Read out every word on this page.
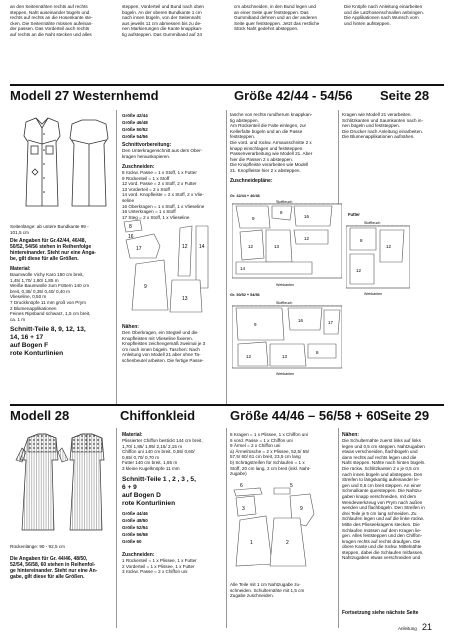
an den Seitennähten rechts auf rechts
steppen, Naht auseinander bügeln und
rechts auf rechts an die Hosenkante ste-
cken. Die Seitennähte müssen aufeinan-
der passen. Das Vorderteil auch rechts
auf rechts an die Naht stecken und alles
steppen, Vorderteil und Bund nach oben
bügeln. An der oberen Bundkante 1 cm
nach innen bügeln, von der Seitennaht
aus jeweils 11 cm abmessen bis zu de-
nen Markierungen die Kante knappkan-
tig aufsteppen. Das Gummiband auf 24
cm abschneiden, in den Bund legen und
an einer Seite quer feststeppen. Das
Gummiband dehnen und an der anderen
Seite quer feststeppen. Jetzt das restliche
Stück Naht gedehnt absteppen.
Die Knöpfe nach Anleitung einarbeiten
und die Latzhosenschnallen anbringen.
Die Applikationen nach Wunsch vorn
und hinten aufsteppen.
Modell 27 Westernhemd	Größe 42/44 - 54/56 Seite 28
Seitenlänge: ab untere Bundkante 99 -
101,5 cm
Die Angaben für Gr.42/44, 46/48,
50/52, 54/56 stehen in Reihenfolge
hintereinander. Steht nur eine Anga-
be, gilt diese für alle Größen.
Material:
Baumwolle Vichy Karo 150 cm breit,
1,45/ 1,70/ 1,80/ 1,85 m
Weiße Baumwolle zum Füttern 140 cm
breit, 0,35/ 0,35/ 0,40/ 0,40 m
Vlieseline, 0,50 m
7 Druckknöpfe 11 mm groß von Prym
2 Blumenapplikationen
Feines Ripsband schwarz, 1,5 cm breit,
ca. 1 m
Schnitt-Teile 8, 9, 12, 13,
14, 16 + 17
auf Bogen F
rote Konturlinien
Größe 42/44
Größe 46/48
Größe 50/52
Größe 54/56
Schnittvorbereitung:
Den Unterkragenschnitt aus dem Ober-
kragen herauskopieren.
Zuschneiden:
8 rückw. Passe = 1 x Stoff, 1 x Futter
9 Rückenteil = 1 x Stoff
12 vord. Passe = 2 x Stoff, 2 x Futter
13 Vorderteil = 2 x Stoff
14 vord. Knopfleiste = 2 x Stoff, 2 x Vlie-
seline
16 Oberkragen = 1 x Stoff, 1 x Vlieseline
16 Unterkragen = 1 x Stoff
17 Steg = 2 x Stoff, 1 x Vlieseline
17
16
12 14
9
13
8
Nähen:
Den Oberkragen, ein Stegteil und die
Knopfleisten mit Vlieseline fixieren.
Knopfleisten zeichengemäß zweimal je 3
cm nach innen bügeln. Taschen: Nach
Anleitung von Modell 21 aber ohne Ta-
schenbeutel arbeiten. Die fertige Passe-
tasche von rechts rundherum knappkan-
tig absteppen.
Am Rückenteil die Falte einlegen, zur
Kellerfalte bügeln und an die Passe
feststeppen.
Die vord. und rückw. Armausschnitte 2 x
knapp einschlagen und feststeppen.
Passenverarbeitung wie Modell 21. Aber
hier die Passen 2 x absteppen.
Die Knopfleiste verarbeiten wie Modell
21. Knopfleiste hier 2 x absteppen.
Zuschneidepläne:
Gr. 42/44 + 46/48
Stoffbruch
9
8
16
12	13
12
14
Webkanten
Gr. 50/52 + 54/56
Stoffbruch
9
16	17
12	13
8
Webkanten
Kragen wie Modell 21 verarbeiten.
Schlitzkanten und Saumkanten nach in-
nen bügeln und feststeppen.
Die Drucker nach Anleitung einarbeiten.
Die Blumenapplikationen aufnähen.
Futter
Stoffbruch
8
12
12
Webkanten
Modell 28	Chiffonkleid	Größe 44/46 – 56/58 + 60 Seite 29
Rückenlänge: 90 - 92,5 cm
Die Angaben für Gr. 44/46, 48/50,
52/54, 56/58, 60 stehen in Reihenfol-
ge hintereinander. Steht nur eine An-
gabe, gilt diese für alle Größen.
Material:
Plissierter Chiffon bestickt 144 cm breit,
1,70/ 1,85/ 1,95/ 2,15/ 2,15 m
Chiffon uni 140 cm breit, 0,55/ 0,60/
0,65/ 0,70/ 0,70 m
Futter 140 cm breit, 1,65 m
3 kleine Kugelknöpfe 11 mm
Schnitt-Teile 1 , 2 , 3 , 5,
6 + 9
auf Bogen D
rote Konturlinien
Größe 44/46
Größe 48/50
Größe 52/54
Größe 56/58
Größe 60
Zuschneiden:
1 Rückenteil = 1 x Plissee, 1 x Futter
2 Vorderteil = 1 x Plissee, 1 x Futter
3 rückw. Passe = 2 x Chiffon uni
5 Kragen = 1 x Plissee, 1 x Chiffon uni
6 vord. Passe = 1 x Chiffon uni
9 Ärmel = 2 x Chiffon uni
a) Ärmelrüsche = 2 x Plissee, 52,5/ 55/
57,5/ 60/ 61 cm breit, 23,5 cm lang
b) Schrägstreifen für Schlaufen = 1 x
Stoff, 20 cm lang, 2 cm breit (inkl. Naht-
zugabe)
6	5
3	9
1	2
Alle Teile mit 1 cm Nahtzugabe zu-
schneiden. Schulternähte mit 1,5 cm
Zugabe zuschneiden.
Nähen:
Die Schulternähte zuerst links auf links
legen und 0,5 cm steppen. Nahtzugaben
etwas verschneiden, flachbügeln und
dann rechts auf rechts legen und die
Naht steppen. Nähte nach hinten bügeln.
Die rückw. Schlitzkanten 2 x je 0,5 cm
nach innen bügeln und absteppen. Den
Streifen to längskantig aufeinander le-
gen und 0,6 cm breit steppen. An einer
Schmalkante quersteppen. Die Nahtzu-
gaben knapp verschneiden, mit dem
Wendewerkzeug von Prym nach außen
wenden und flachbügeln. Den Streifen in
drei Teile je 5 cm lang schneiden. Zu
Schlaufen legen und auf die linke rückw.
Mitte des Plisseekragens stecken. Die
Schlaufen müssen auf dem Kragen lie-
gen. Alles feststeppen und den Chiffon-
kragen rechts auf rechts draufgen. Die
obere Kante und die rückw. Mittelnähte
steppen, dabei die Schlaufen mitfassen.
Nahtzugaben etwas verschneiden und
Fortsetzung siehe nächste Seite
Anleitung 21
